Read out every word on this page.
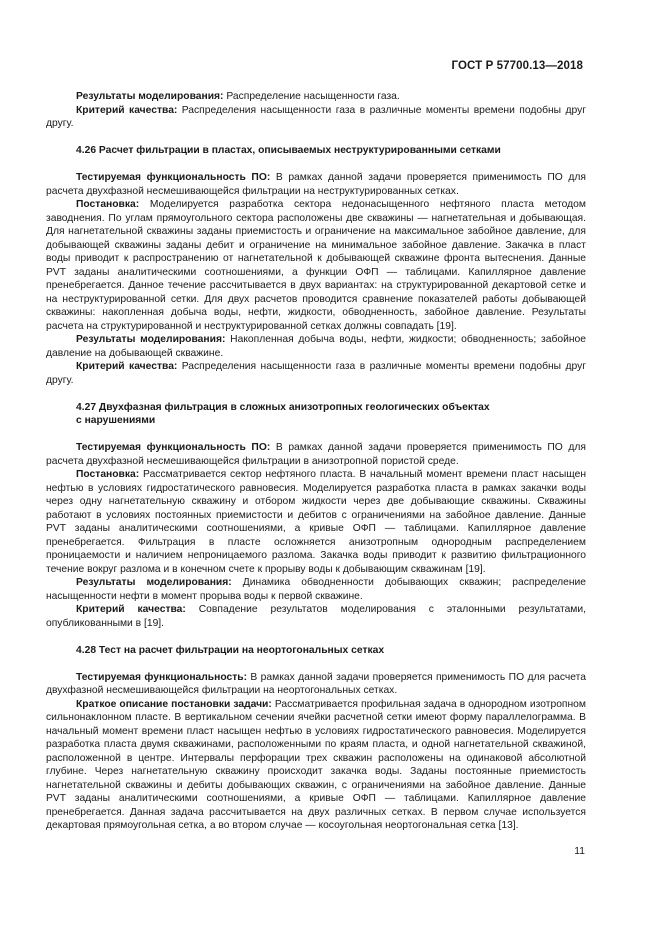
ГОСТ Р 57700.13—2018

Результаты моделирования: Распределение насыщенности газа.

Критерий качества: Распределения насыщенности газа в различные моменты времени подобны друг другу.

4.26 Расчет фильтрации в пластах, описываемых неструктурированными сетками

Тестируемая функциональность ПО: В рамках данной задачи проверяется применимость ПО для расчета двухфазной несмешивающейся фильтрации на неструктурированных сетках.

Постановка: Моделируется разработка сектора недонасыщенного нефтяного пласта методом заводнения. По углам прямоугольного сектора расположены две скважины — нагнетательная и добывающая. Для нагнетательной скважины заданы приемистость и ограничение на максимальное забойное давление, для добывающей скважины заданы дебит и ограничение на минимальное забойное давление. Закачка в пласт воды приводит к распространению от нагнетательной к добывающей скважине фронта вытеснения. Данные PVT заданы аналитическими соотношениями, а функции ОФП — таблицами. Капиллярное давление пренебрегается. Данное течение рассчитывается в двух вариантах: на структурированной декартовой сетке и на неструктурированной сетки. Для двух расчетов проводится сравнение показателей работы добывающей скважины: накопленная добыча воды, нефти, жидкости, обводненность, забойное давление. Результаты расчета на структурированной и неструктурированной сетках должны совпадать [19].

Результаты моделирования: Накопленная добыча воды, нефти, жидкости; обводненность; забойное давление на добывающей скважине.

Критерий качества: Распределения насыщенности газа в различные моменты времени подобны друг другу.

4.27 Двухфазная фильтрация в сложных анизотропных геологических объектах
с нарушениями

Тестируемая функциональность ПО: В рамках данной задачи проверяется применимость ПО для расчета двухфазной несмешивающейся фильтрации в анизотропной пористой среде.

Постановка: Рассматривается сектор нефтяного пласта. В начальный момент времени пласт насыщен нефтью в условиях гидростатического равновесия. Моделируется разработка пласта в рамках закачки воды через одну нагнетательную скважину и отбором жидкости через две добывающие скважины. Скважины работают в условиях постоянных приемистости и дебитов с ограничениями на забойное давление. Данные PVT заданы аналитическими соотношениями, а кривые ОФП — таблицами. Капиллярное давление пренебрегается. Фильтрация в пласте осложняется анизотропным однородным распределением проницаемости и наличием непроницаемого разлома. Закачка воды приводит к развитию фильтрационного течение вокруг разлома и в конечном счете к прорыву воды к добывающим скважинам [19].

Результаты моделирования: Динамика обводненности добывающих скважин; распределение насыщенности нефти в момент прорыва воды к первой скважине.

Критерий качества: Совпадение результатов моделирования с эталонными результатами, опубликованными в [19].

4.28 Тест на расчет фильтрации на неортогональных сетках

Тестируемая функциональность: В рамках данной задачи проверяется применимость ПО для расчета двухфазной несмешивающейся фильтрации на неортогональных сетках.

Краткое описание постановки задачи: Рассматривается профильная задача в однородном изотропном сильнонаклонном пласте. В вертикальном сечении ячейки расчетной сетки имеют форму параллелограмма. В начальный момент времени пласт насыщен нефтью в условиях гидростатического равновесия. Моделируется разработка пласта двумя скважинами, расположенными по краям пласта, и одной нагнетательной скважиной, расположенной в центре. Интервалы перфорации трех скважин расположены на одинаковой абсолютной глубине. Через нагнетательную скважину происходит закачка воды. Заданы постоянные приемистость нагнетательной скважины и дебиты добывающих скважин, с ограничениями на забойное давление. Данные PVT заданы аналитическими соотношениями, а кривые ОФП — таблицами. Капиллярное давление пренебрегается. Данная задача рассчитывается на двух различных сетках. В первом случае используется декартовая прямоугольная сетка, а во втором случае — косоугольная неортогональная сетка [13].

11
